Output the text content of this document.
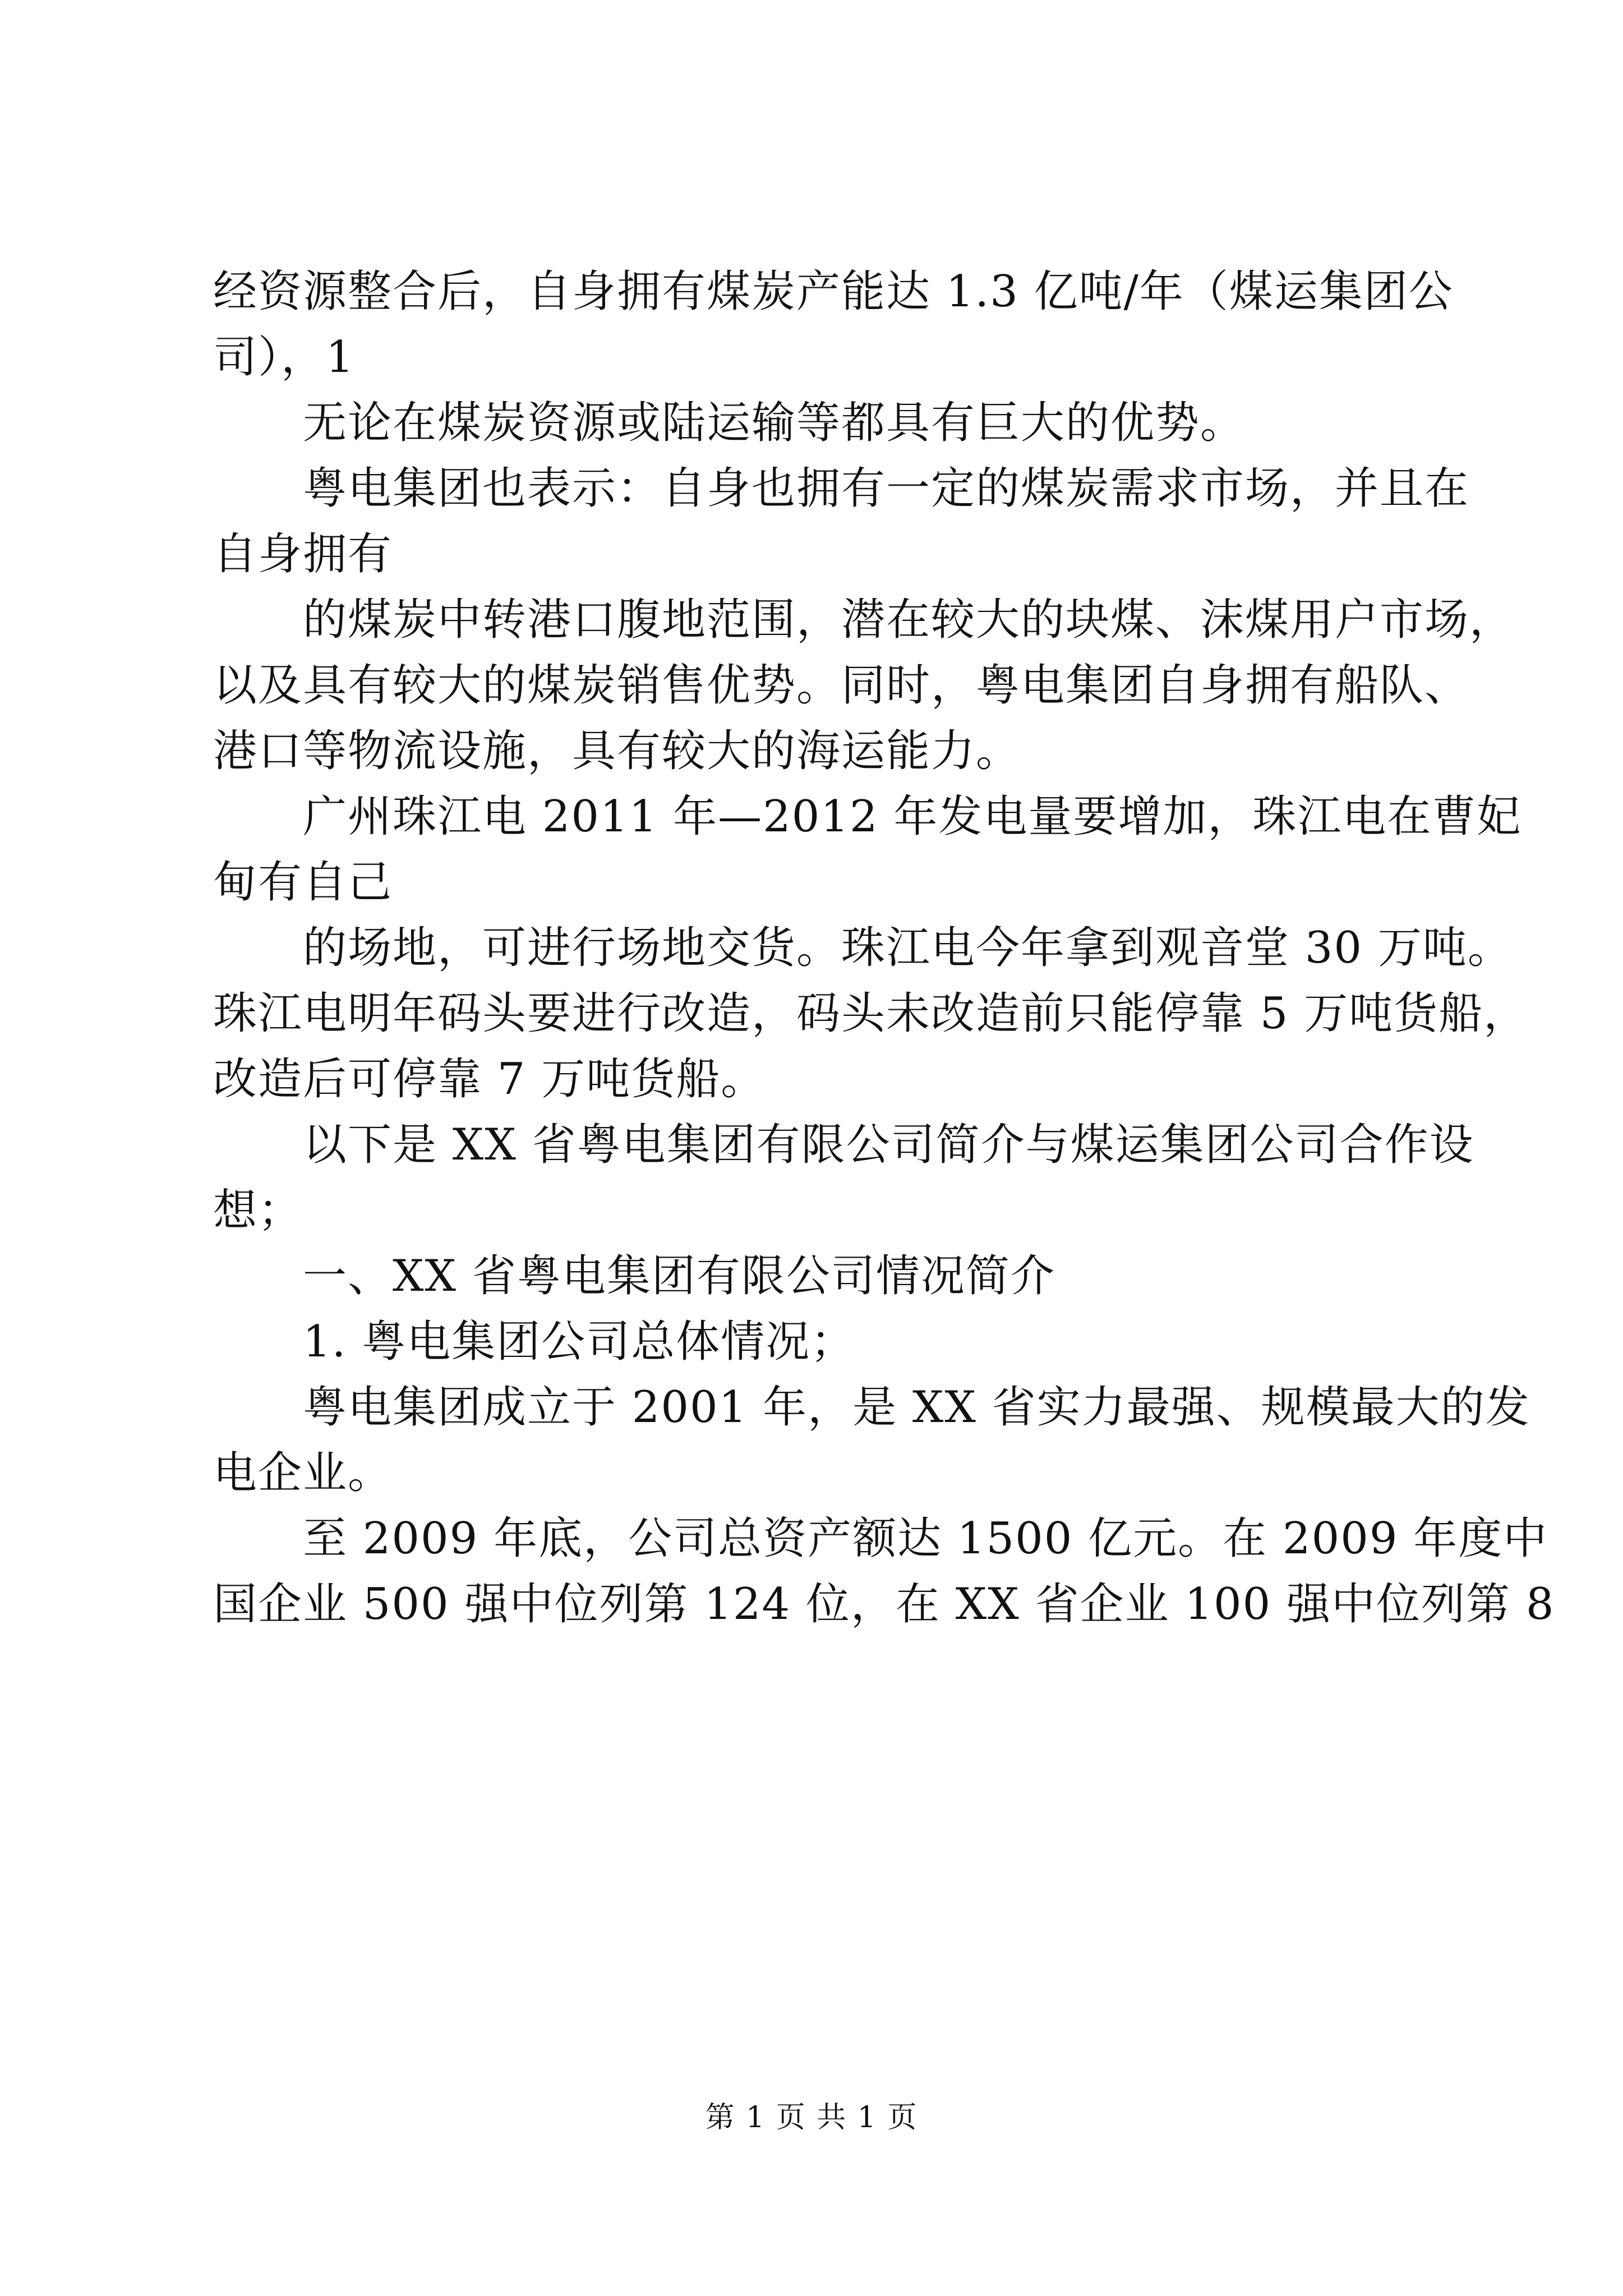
经资源整合后，自身拥有煤炭产能达 1.3 亿吨/年（煤运集团公

司），1

无论在煤炭资源或陆运输等都具有巨大的优势。

粤电集团也表示：自身也拥有一定的煤炭需求市场，并且在

自身拥有

的煤炭中转港口腹地范围，潜在较大的块煤、沫煤用户市场，

以及具有较大的煤炭销售优势。同时，粤电集团自身拥有船队、

港口等物流设施，具有较大的海运能力。

广州珠江电 2011 年—2012 年发电量要增加，珠江电在曹妃

甸有自己

的场地，可进行场地交货。珠江电今年拿到观音堂 30 万吨。

珠江电明年码头要进行改造，码头未改造前只能停靠 5 万吨货船，

改造后可停靠 7 万吨货船。

以下是 XX 省粤电集团有限公司简介与煤运集团公司合作设

想；

一、XX 省粤电集团有限公司情况简介

1. 粤电集团公司总体情况；

粤电集团成立于 2001 年，是 XX 省实力最强、规模最大的发

电企业。

至 2009 年底，公司总资产额达 1500 亿元。在 2009 年度中

国企业 500 强中位列第 124 位，在 XX 省企业 100 强中位列第 8

第 1 页 共 1 页
